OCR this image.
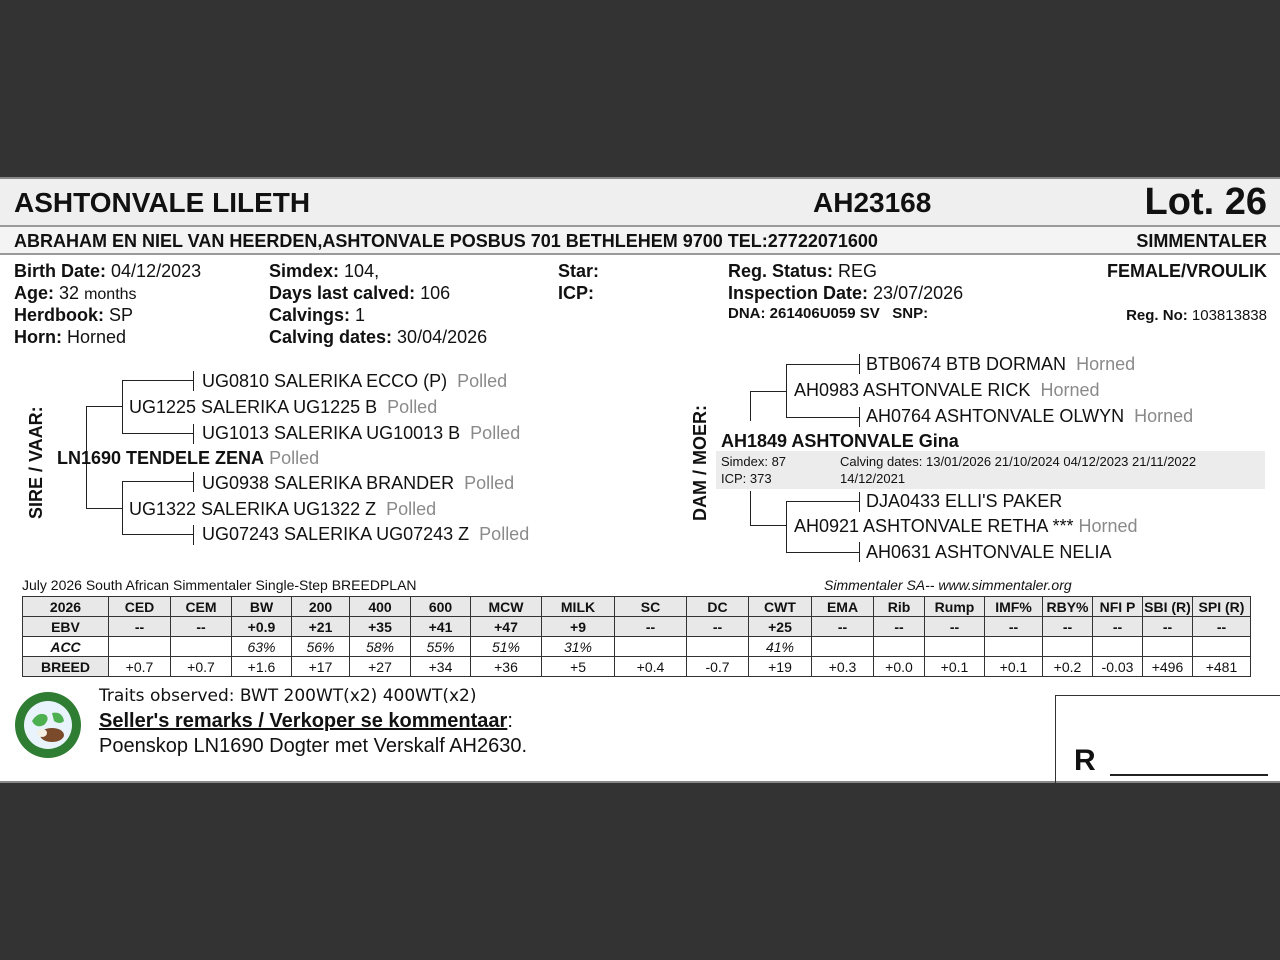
ASHTONVALE LILETH	AH23168	Lot. 26
ABRAHAM EN NIEL VAN HEERDEN,ASHTONVALE POSBUS 701 BETHLEHEM 9700 TEL:27722071600	SIMMENTALER
Birth Date: 04/12/2023
Age: 32 months
Herdbook: SP
Horn: Horned
Simdex: 104,
Days last calved: 106
Calvings: 1
Calving dates: 30/04/2026
Star:
ICP:
Reg. Status: REG
Inspection Date: 23/07/2026
DNA: 261406U059 SV SNP:
FEMALE/VROULIK
Reg. No: 103813838
SIRE / VAAR:
UG0810 SALERIKA ECCO (P) Polled
UG1225 SALERIKA UG1225 B Polled
UG1013 SALERIKA UG10013 B Polled
LN1690 TENDELE ZENA Polled
UG0938 SALERIKA BRANDER Polled
UG1322 SALERIKA UG1322 Z Polled
UG07243 SALERIKA UG07243 Z Polled
DAM / MOER:
BTB0674 BTB DORMAN Horned
AH0983 ASHTONVALE RICK Horned
AH0764 ASHTONVALE OLWYN Horned
AH1849 ASHTONVALE Gina
Simdex: 87
ICP: 373
Calving dates: 13/01/2026 21/10/2024 04/12/2023 21/11/2022
14/12/2021
DJA0433 ELLI'S PAKER
AH0921 ASHTONVALE RETHA *** Horned
AH0631 ASHTONVALE NELIA
July 2026 South African Simmentaler Single-Step BREEDPLAN	Simmentaler SA-- www.simmentaler.org
2026	CED	CEM	BW	200	400	600	MCW	MILK	SC	DC	CWT	EMA	Rib	Rump	IMF%	RBY%	NFI P	SBI (R)	SPI (R)
EBV	--	--	+0.9	+21	+35	+41	+47	+9	--	--	+25	--	--	--	--	--	--	--	--
ACC			63%	56%	58%	55%	51%	31%			41%								
BREED	+0.7	+0.7	+1.6	+17	+27	+34	+36	+5	+0.4	-0.7	+19	+0.3	+0.0	+0.1	+0.1	+0.2	-0.03	+496	+481
Traits observed: BWT 200WT(x2) 400WT(x2)
Seller's remarks / Verkoper se kommentaar:
Poenskop LN1690 Dogter met Verskalf AH2630.	R
